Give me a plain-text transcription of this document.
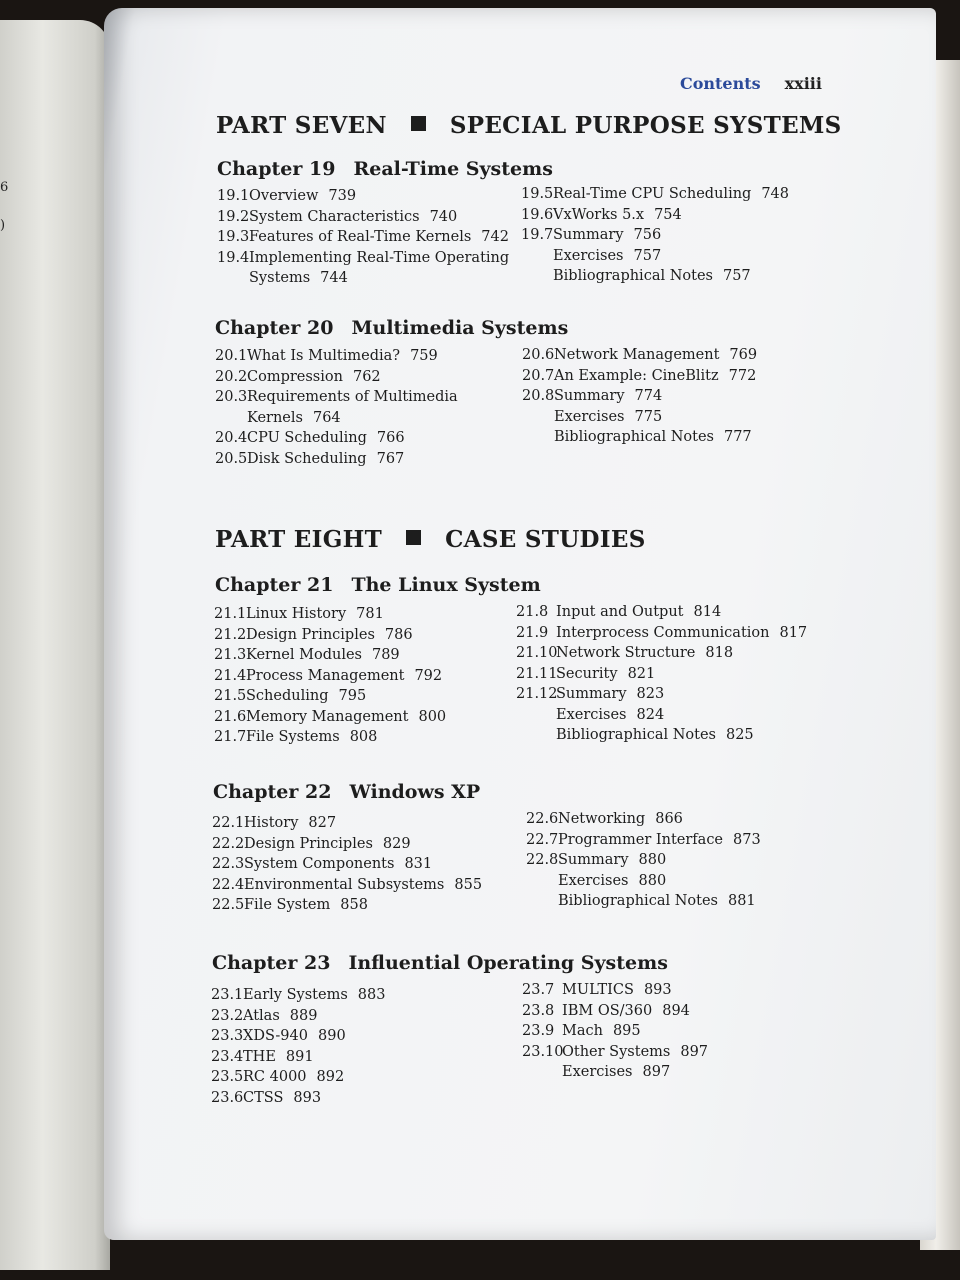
6
)
Contents xxiii
PART SEVEN	SPECIAL PURPOSE SYSTEMS
Chapter 19 Real-Time Systems
19.1 Overview 739
19.2 System Characteristics 740
19.3 Features of Real-Time Kernels 742
19.4 Implementing Real-Time Operating
Systems 744
19.5 Real-Time CPU Scheduling 748
19.6 VxWorks 5.x 754
19.7 Summary 756
Exercises 757
Bibliographical Notes 757
Chapter 20 Multimedia Systems
20.1 What Is Multimedia? 759
20.2 Compression 762
20.3 Requirements of Multimedia
Kernels 764
20.4 CPU Scheduling 766
20.5 Disk Scheduling 767
20.6 Network Management 769
20.7 An Example: CineBlitz 772
20.8 Summary 774
Exercises 775
Bibliographical Notes 777
PART EIGHT	CASE STUDIES
Chapter 21 The Linux System
21.1 Linux History 781
21.2 Design Principles 786
21.3 Kernel Modules 789
21.4 Process Management 792
21.5 Scheduling 795
21.6 Memory Management 800
21.7 File Systems 808
21.8 Input and Output 814
21.9 Interprocess Communication 817
21.10
Network Structure 818
21.11
Security 821
21.12
Summary 823
Exercises 824
Bibliographical Notes 825
Chapter 22 Windows XP
22.1 History 827
22.2 Design Principles 829
22.3 System Components 831
22.4 Environmental Subsystems 855
22.5 File System 858
22.6 Networking 866
22.7 Programmer Interface 873
22.8 Summary 880
Exercises 880
Bibliographical Notes 881
Chapter 23 Influential Operating Systems
23.1 Early Systems 883
23.2 Atlas 889
23.3 XDS-940 890
23.4 THE 891
23.5 RC 4000 892
23.6 CTSS 893
23.7 MULTICS 893
23.8 IBM OS/360 894
23.9 Mach 895
23.10
Other Systems 897
Exercises 897
